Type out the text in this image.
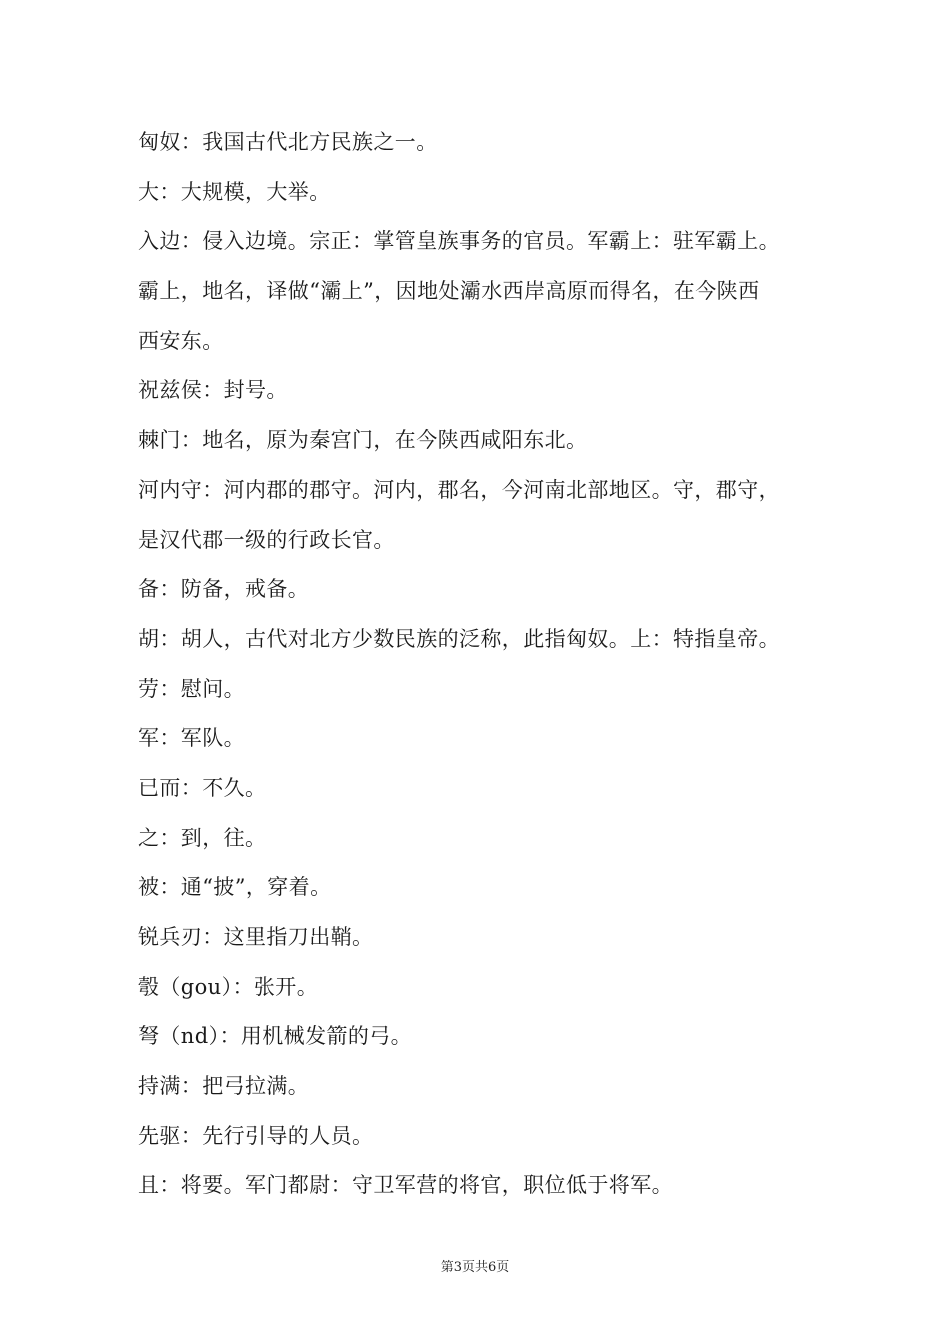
匈奴：我国古代北方民族之一。
大：大规模，大举。
入边：侵入边境。宗正：掌管皇族事务的官员。军霸上：驻军霸上。
霸上，地名，译做“灞上”，因地处灞水西岸高原而得名，在今陕西
西安东。
祝兹侯：封号。
棘门：地名，原为秦宫门，在今陕西咸阳东北。
河内守：河内郡的郡守。河内，郡名，今河南北部地区。守，郡守，
是汉代郡一级的行政长官。
备：防备，戒备。
胡：胡人，古代对北方少数民族的泛称，此指匈奴。上：特指皇帝。
劳：慰问。
军：军队。
已而：不久。
之：到，往。
被：通“披”，穿着。
锐兵刃：这里指刀出鞘。
彀（gou）：张开。
弩（nd）：用机械发箭的弓。
持满：把弓拉满。
先驱：先行引导的人员。
且：将要。军门都尉：守卫军营的将官，职位低于将军。
第3页共6页
